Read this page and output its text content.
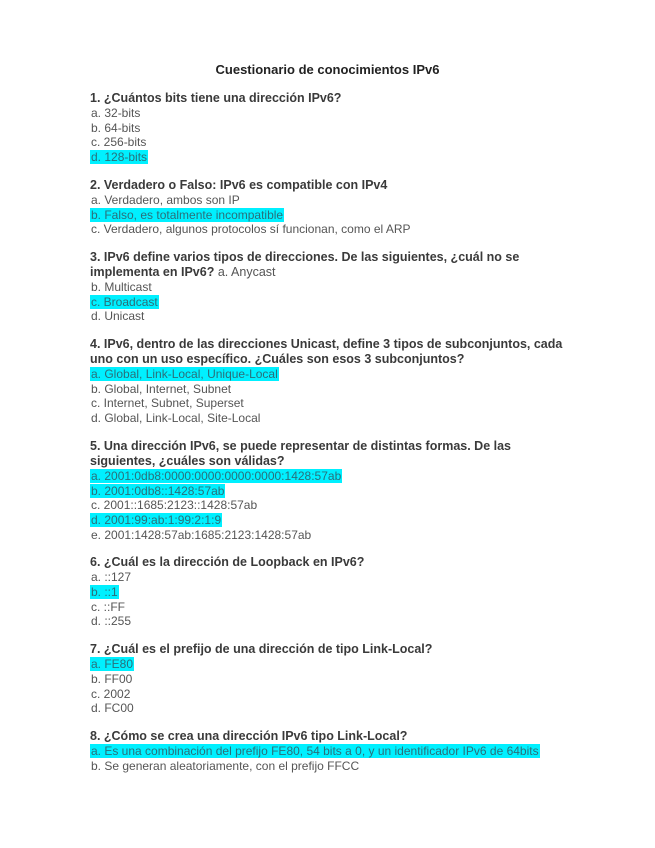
Cuestionario de conocimientos IPv6
1. ¿Cuántos bits tiene una dirección IPv6?
a. 32-bits
b. 64-bits
c. 256-bits
d. 128-bits
2. Verdadero o Falso: IPv6 es compatible con IPv4
a. Verdadero, ambos son IP
b. Falso, es totalmente incompatible
c. Verdadero, algunos protocolos sí funcionan, como el ARP
3. IPv6 define varios tipos de direcciones. De las siguientes, ¿cuál no se implementa en IPv6? a. Anycast
b. Multicast
c. Broadcast
d. Unicast
4. IPv6, dentro de las direcciones Unicast, define 3 tipos de subconjuntos, cada uno con un uso específico. ¿Cuáles son esos 3 subconjuntos?
a. Global, Link-Local, Unique-Local
b. Global, Internet, Subnet
c. Internet, Subnet, Superset
d. Global, Link-Local, Site-Local
5. Una dirección IPv6, se puede representar de distintas formas. De las siguientes, ¿cuáles son válidas?
a. 2001:0db8:0000:0000:0000:0000:1428:57ab
b. 2001:0db8::1428:57ab
c. 2001::1685:2123::1428:57ab
d. 2001:99:ab:1:99:2:1:9
e. 2001:1428:57ab:1685:2123:1428:57ab
6. ¿Cuál es la dirección de Loopback en IPv6?
a. ::127
b. ::1
c. ::FF
d. ::255
7. ¿Cuál es el prefijo de una dirección de tipo Link-Local?
a. FE80
b. FF00
c. 2002
d. FC00
8. ¿Cómo se crea una dirección IPv6 tipo Link-Local?
a. Es una combinación del prefijo FE80, 54 bits a 0, y un identificador IPv6 de 64bits
b. Se generan aleatoriamente, con el prefijo FFCC
